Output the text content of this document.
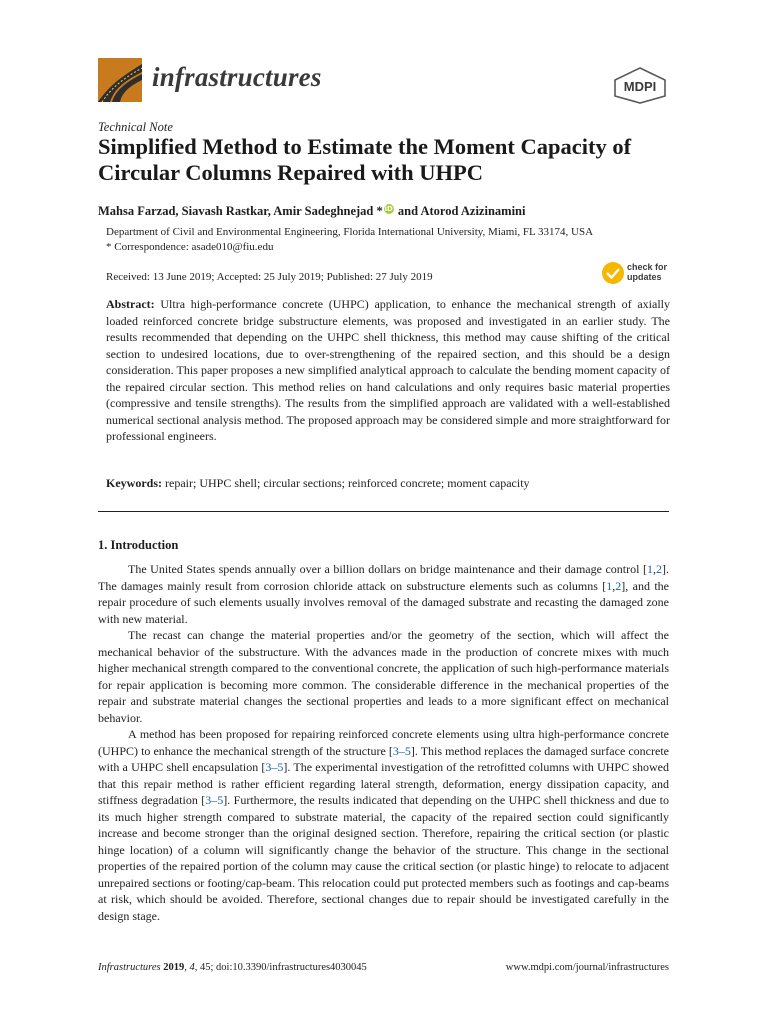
infrastructures	MDPI
Technical Note
Simplified Method to Estimate the Moment Capacity of Circular Columns Repaired with UHPC
Mahsa Farzad, Siavash Rastkar, Amir Sadeghnejad * iD and Atorod Azizinamini
Department of Civil and Environmental Engineering, Florida International University, Miami, FL 33174, USA
* Correspondence: asade010@fiu.edu
Received: 13 June 2019; Accepted: 25 July 2019; Published: 27 July 2019
check for
updates
Abstract: Ultra high-performance concrete (UHPC) application, to enhance the mechanical strength of axially loaded reinforced concrete bridge substructure elements, was proposed and investigated in an earlier study. The results recommended that depending on the UHPC shell thickness, this method may cause shifting of the critical section to undesired locations, due to over-strengthening of the repaired section, and this should be a design consideration. This paper proposes a new simplified analytical approach to calculate the bending moment capacity of the repaired circular section. This method relies on hand calculations and only requires basic material properties (compressive and tensile strengths). The results from the simplified approach are validated with a well-established numerical sectional analysis method. The proposed approach may be considered simple and more straightforward for professional engineers.
Keywords: repair; UHPC shell; circular sections; reinforced concrete; moment capacity
1. Introduction

The United States spends annually over a billion dollars on bridge maintenance and their damage control [1,2]. The damages mainly result from corrosion chloride attack on substructure elements such as columns [1,2], and the repair procedure of such elements usually involves removal of the damaged substrate and recasting the damaged zone with new material.

The recast can change the material properties and/or the geometry of the section, which will affect the mechanical behavior of the substructure. With the advances made in the production of concrete mixes with much higher mechanical strength compared to the conventional concrete, the application of such high-performance materials for repair application is becoming more common. The considerable difference in the mechanical properties of the repair and substrate material changes the sectional properties and leads to a more significant effect on mechanical behavior.

A method has been proposed for repairing reinforced concrete elements using ultra high-performance concrete (UHPC) to enhance the mechanical strength of the structure [3–5]. This method replaces the damaged surface concrete with a UHPC shell encapsulation [3–5]. The experimental investigation of the retrofitted columns with UHPC showed that this repair method is rather efficient regarding lateral strength, deformation, energy dissipation capacity, and stiffness degradation [3–5]. Furthermore, the results indicated that depending on the UHPC shell thickness and due to its much higher strength compared to substrate material, the capacity of the repaired section could significantly increase and become stronger than the original designed section. Therefore, repairing the critical section (or plastic hinge location) of a column will significantly change the behavior of the structure. This change in the sectional properties of the repaired portion of the column may cause the critical section (or plastic hinge) to relocate to adjacent unrepaired sections or footing/cap-beam. This relocation could put protected members such as footings and cap-beams at risk, which should be avoided. Therefore, sectional changes due to repair should be investigated carefully in the design stage.

Infrastructures 2019, 4, 45; doi:10.3390/infrastructures4030045	www.mdpi.com/journal/infrastructures
